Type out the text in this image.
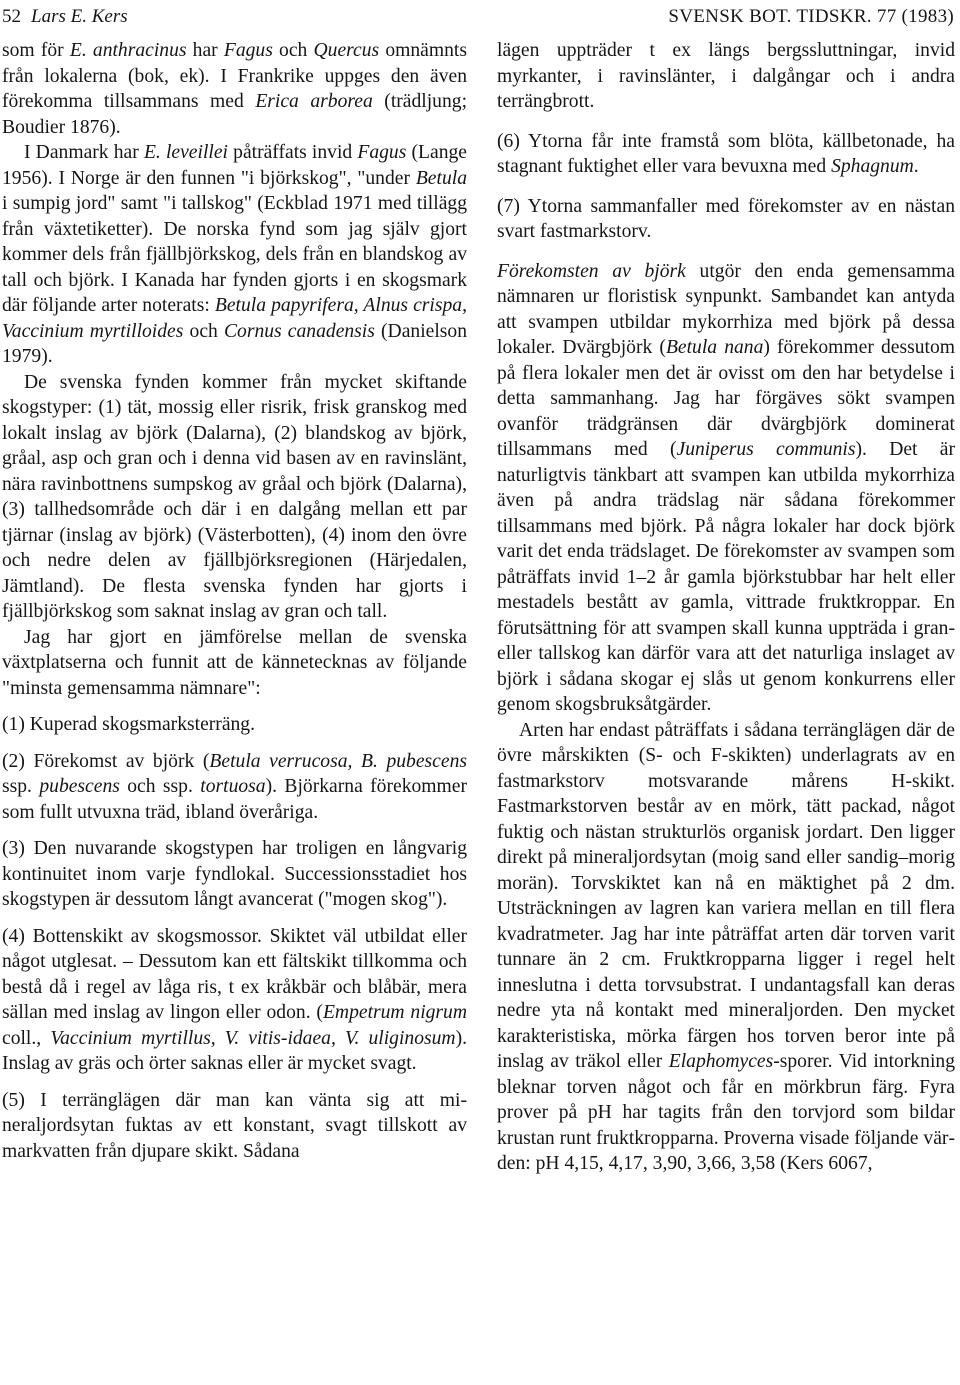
52 Lars E. Kers	SVENSK BOT. TIDSKR. 77 (1983)

som för E. anthracinus har Fagus och Quercus omnämnts från lokalerna (bok, ek). I Frankrike uppges den även förekomma tillsammans med Erica arborea (trädljung; Boudier 1876).

I Danmark har E. leveillei påträffats invid Fagus (Lange 1956). I Norge är den funnen "i björkskog", "under Betula i sumpig jord" samt "i tallskog" (Eckblad 1971 med tillägg från växtetiketter). De norska fynd som jag själv gjort kommer dels från fjällbjörkskog, dels från en blandskog av tall och björk. I Kanada har fynden gjorts i en skogsmark där följande arter noterats: Betula papyrifera, Alnus crispa, Vaccinium myrtilloides och Cornus canadensis (Danielson 1979).

De svenska fynden kommer från mycket skiftande skogstyper: (1) tät, mossig eller risrik, frisk granskog med lokalt inslag av björk (Dalarna), (2) blandskog av björk, gråal, asp och gran och i denna vid basen av en ravinslänt, nära ravinbottnens sumpskog av gråal och björk (Dalarna), (3) tallhedsområde och där i en dalgång mellan ett par tjärnar (inslag av björk) (Västerbotten), (4) inom den övre och nedre delen av fjällbjörksregionen (Härjedalen, Jämtland). De flesta svenska fynden har gjorts i fjällbjörkskog som saknat inslag av gran och tall.

Jag har gjort en jämförelse mellan de svenska växtplatserna och funnit att de kännetecknas av följande "minsta gemensamma nämnare":

(1) Kuperad skogsmarksterräng.

(2) Förekomst av björk (Betula verrucosa, B. pubescens ssp. pubescens och ssp. tortuosa). Björkarna förekommer som fullt utvuxna träd, ibland överåriga.

(3) Den nuvarande skogstypen har troligen en långvarig kontinuitet inom varje fyndlokal. Successionsstadiet hos skogstypen är dessutom långt avancerat ("mogen skog").

(4) Bottenskikt av skogsmossor. Skiktet väl utbildat eller något utglesat. – Dessutom kan ett fältskikt tillkomma och bestå då i regel av låga ris, t ex kråkbär och blåbär, mera sällan med inslag av lingon eller odon. (Empetrum nigrum coll., Vaccinium myrtillus, V. vitis-idaea, V. uliginosum). Inslag av gräs och örter saknas eller är mycket svagt.

(5) I terränglägen där man kan vänta sig att mineraljordsytan fuktas av ett konstant, svagt tillskott av markvatten från djupare skikt. Sådana

lägen uppträder t ex längs bergssluttningar, invid myrkanter, i ravinslänter, i dalgångar och i andra terrängbrott.

(6) Ytorna får inte framstå som blöta, källbetonade, ha stagnant fuktighet eller vara bevuxna med Sphagnum.

(7) Ytorna sammanfaller med förekomster av en nästan svart fastmarkstorv.

Förekomsten av björk utgör den enda gemensamma nämnaren ur floristisk synpunkt. Sambandet kan antyda att svampen utbildar mykorrhiza med björk på dessa lokaler. Dvärgbjörk (Betula nana) förekommer dessutom på flera lokaler men det är ovisst om den har betydelse i detta sammanhang. Jag har förgäves sökt svampen ovanför trädgränsen där dvärgbjörk dominerat tillsammans med (Juniperus communis). Det är naturligtvis tänkbart att svampen kan utbilda mykorrhiza även på andra trädslag när sådana förekommer tillsammans med björk. På några lokaler har dock björk varit det enda trädslaget. De förekomster av svampen som påträffats invid 1–2 år gamla björkstubbar har helt eller mestadels bestått av gamla, vittrade fruktkroppar. En förutsättning för att svampen skall kunna uppträda i gran- eller tallskog kan därför vara att det naturliga inslaget av björk i sådana skogar ej slås ut genom konkurrens eller genom skogsbruksåtgärder.

Arten har endast påträffats i sådana terränglägen där de övre mårskikten (S- och F-skikten) underlagrats av en fastmarkstorv motsvarande mårens H-skikt. Fastmarkstorven består av en mörk, tätt packad, något fuktig och nästan strukturlös organisk jordart. Den ligger direkt på mineraljordsytan (moig sand eller sandig–morig morän). Torvskiktet kan nå en mäktighet på 2 dm. Utsträckningen av lagren kan variera mellan en till flera kvadratmeter. Jag har inte påträffat arten där torven varit tunnare än 2 cm. Fruktkropparna ligger i regel helt inneslutna i detta torvsubstrat. I undantagsfall kan deras nedre yta nå kontakt med mineraljorden. Den mycket karakteristiska, mörka färgen hos torven beror inte på inslag av träkol eller Elaphomyces-sporer. Vid intorkning bleknar torven något och får en mörkbrun färg. Fyra prover på pH har tagits från den torvjord som bildar krustan runt fruktkropparna. Proverna visade följande värden: pH 4,15, 4,17, 3,90, 3,66, 3,58 (Kers 6067,
